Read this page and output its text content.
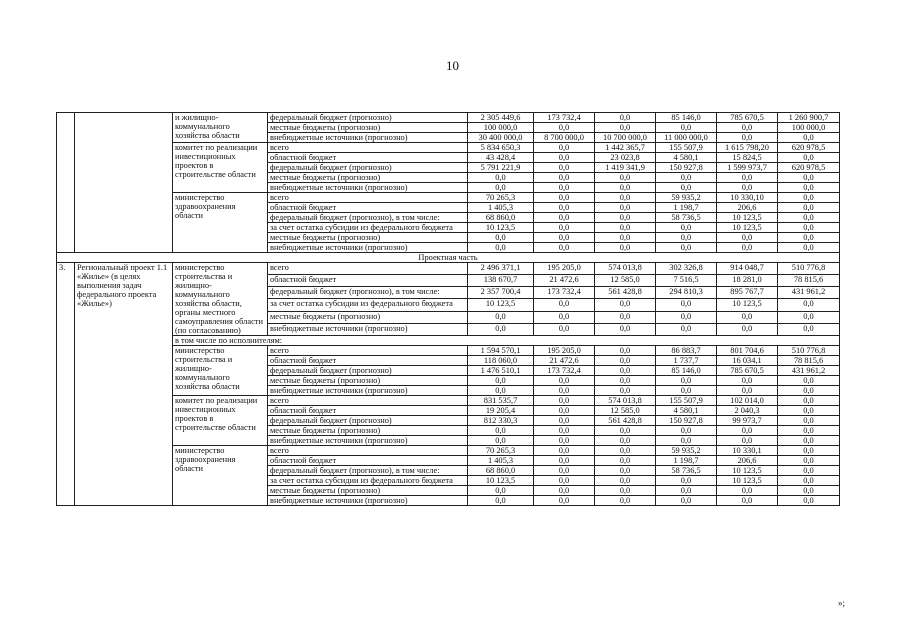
10
		и жилищно-коммунального хозяйства области	федеральный бюджет (прогнозно)	2 305 449,6	173 732,4	0,0	85 146,0	785 670,5	1 260 900,7
			местные бюджеты (прогнозно)	100 000,0	0,0	0,0	0,0	0,0	100 000,0
			внебюджетные источники (прогнозно)	30 400 000,0	8 700 000,0	10 700 000,0	11 000 000,0	0,0	0,0
		комитет по реализации инвестиционных проектов в строительстве области	всего	5 834 650,3	0,0	1 442 365,7	155 507,9	1 615 798,20	620 978,5
			областной бюджет	43 428,4	0,0	23 023,8	4 580,1	15 824,5	0,0
			федеральный бюджет (прогнозно)	5 791 221,9	0,0	1 419 341,9	150 927,8	1 599 973,7	620 978,5
			местные бюджеты (прогнозно)	0,0	0,0	0,0	0,0	0,0	0,0
			внебюджетные источники (прогнозно)	0,0	0,0	0,0	0,0	0,0	0,0
		министерство здравоохранения области	всего	70 265,3	0,0	0,0	59 935,2	10 330,10	0,0
			областной бюджет	1 405,3	0,0	0,0	1 198,7	206,6	0,0
			федеральный бюджет (прогнозно), в том числе:	68 860,0	0,0	0,0	58 736,5	10 123,5	0,0
			за счет остатка субсидии из федерального бюджета	10 123,5	0,0	0,0	0,0	10 123,5	0,0
			местные бюджеты (прогнозно)	0,0	0,0	0,0	0,0	0,0	0,0
			внебюджетные источники (прогнозно)	0,0	0,0	0,0	0,0	0,0	0,0
Проектная часть									
3.	Региональный проект 1.1 «Жилье» (в целях выполнения задач федерального проекта «Жилье»)	министерство строительства и жилищно-коммунального хозяйства области, органы местного самоуправления области (по согласованию)	всего	2 496 371,1	195 205,0	574 013,8	302 326,8	914 048,7	510 776,8
			областной бюджет	138 670,7	21 472,6	12 585,0	7 516,5	18 281,0	78 815,6
			федеральный бюджет (прогнозно), в том числе:	2 357 700,4	173 732,4	561 428,8	294 810,3	895 767,7	431 961,2
			за счет остатка субсидии из федерального бюджета	10 123,5	0,0	0,0	0,0	10 123,5	0,0
			местные бюджеты (прогнозно)	0,0	0,0	0,0	0,0	0,0	0,0
			внебюджетные источники (прогнозно)	0,0	0,0	0,0	0,0	0,0	0,0
		в том числе по исполнителям:							
		министерство строительства и жилищно-коммунального хозяйства области	всего	1 594 570,1	195 205,0	0,0	86 883,7	801 704,6	510 776,8
			областной бюджет	118 060,0	21 472,6	0,0	1 737,7	16 034,1	78 815,6
			федеральный бюджет (прогнозно)	1 476 510,1	173 732,4	0,0	85 146,0	785 670,5	431 961,2
			местные бюджеты (прогнозно)	0,0	0,0	0,0	0,0	0,0	0,0
			внебюджетные источники (прогнозно)	0,0	0,0	0,0	0,0	0,0	0,0
		комитет по реализации инвестиционных проектов в строительстве области	всего	831 535,7	0,0	574 013,8	155 507,9	102 014,0	0,0
			областной бюджет	19 205,4	0,0	12 585,0	4 580,1	2 040,3	0,0
			федеральный бюджет (прогнозно)	812 330,3	0,0	561 428,8	150 927,8	99 973,7	0,0
			местные бюджеты (прогнозно)	0,0	0,0	0,0	0,0	0,0	0,0
			внебюджетные источники (прогнозно)	0,0	0,0	0,0	0,0	0,0	0,0
		министерство здравоохранения области	всего	70 265,3	0,0	0,0	59 935,2	10 330,1	0,0
			областной бюджет	1 405,3	0,0	0,0	1 198,7	206,6	0,0
			федеральный бюджет (прогнозно), в том числе:	68 860,0	0,0	0,0	58 736,5	10 123,5	0,0
			за счет остатка субсидии из федерального бюджета	10 123,5	0,0	0,0	0,0	10 123,5	0,0
			местные бюджеты (прогнозно)	0,0	0,0	0,0	0,0	0,0	0,0
			внебюджетные источники (прогнозно)	0,0	0,0	0,0	0,0	0,0	0,0
»;
